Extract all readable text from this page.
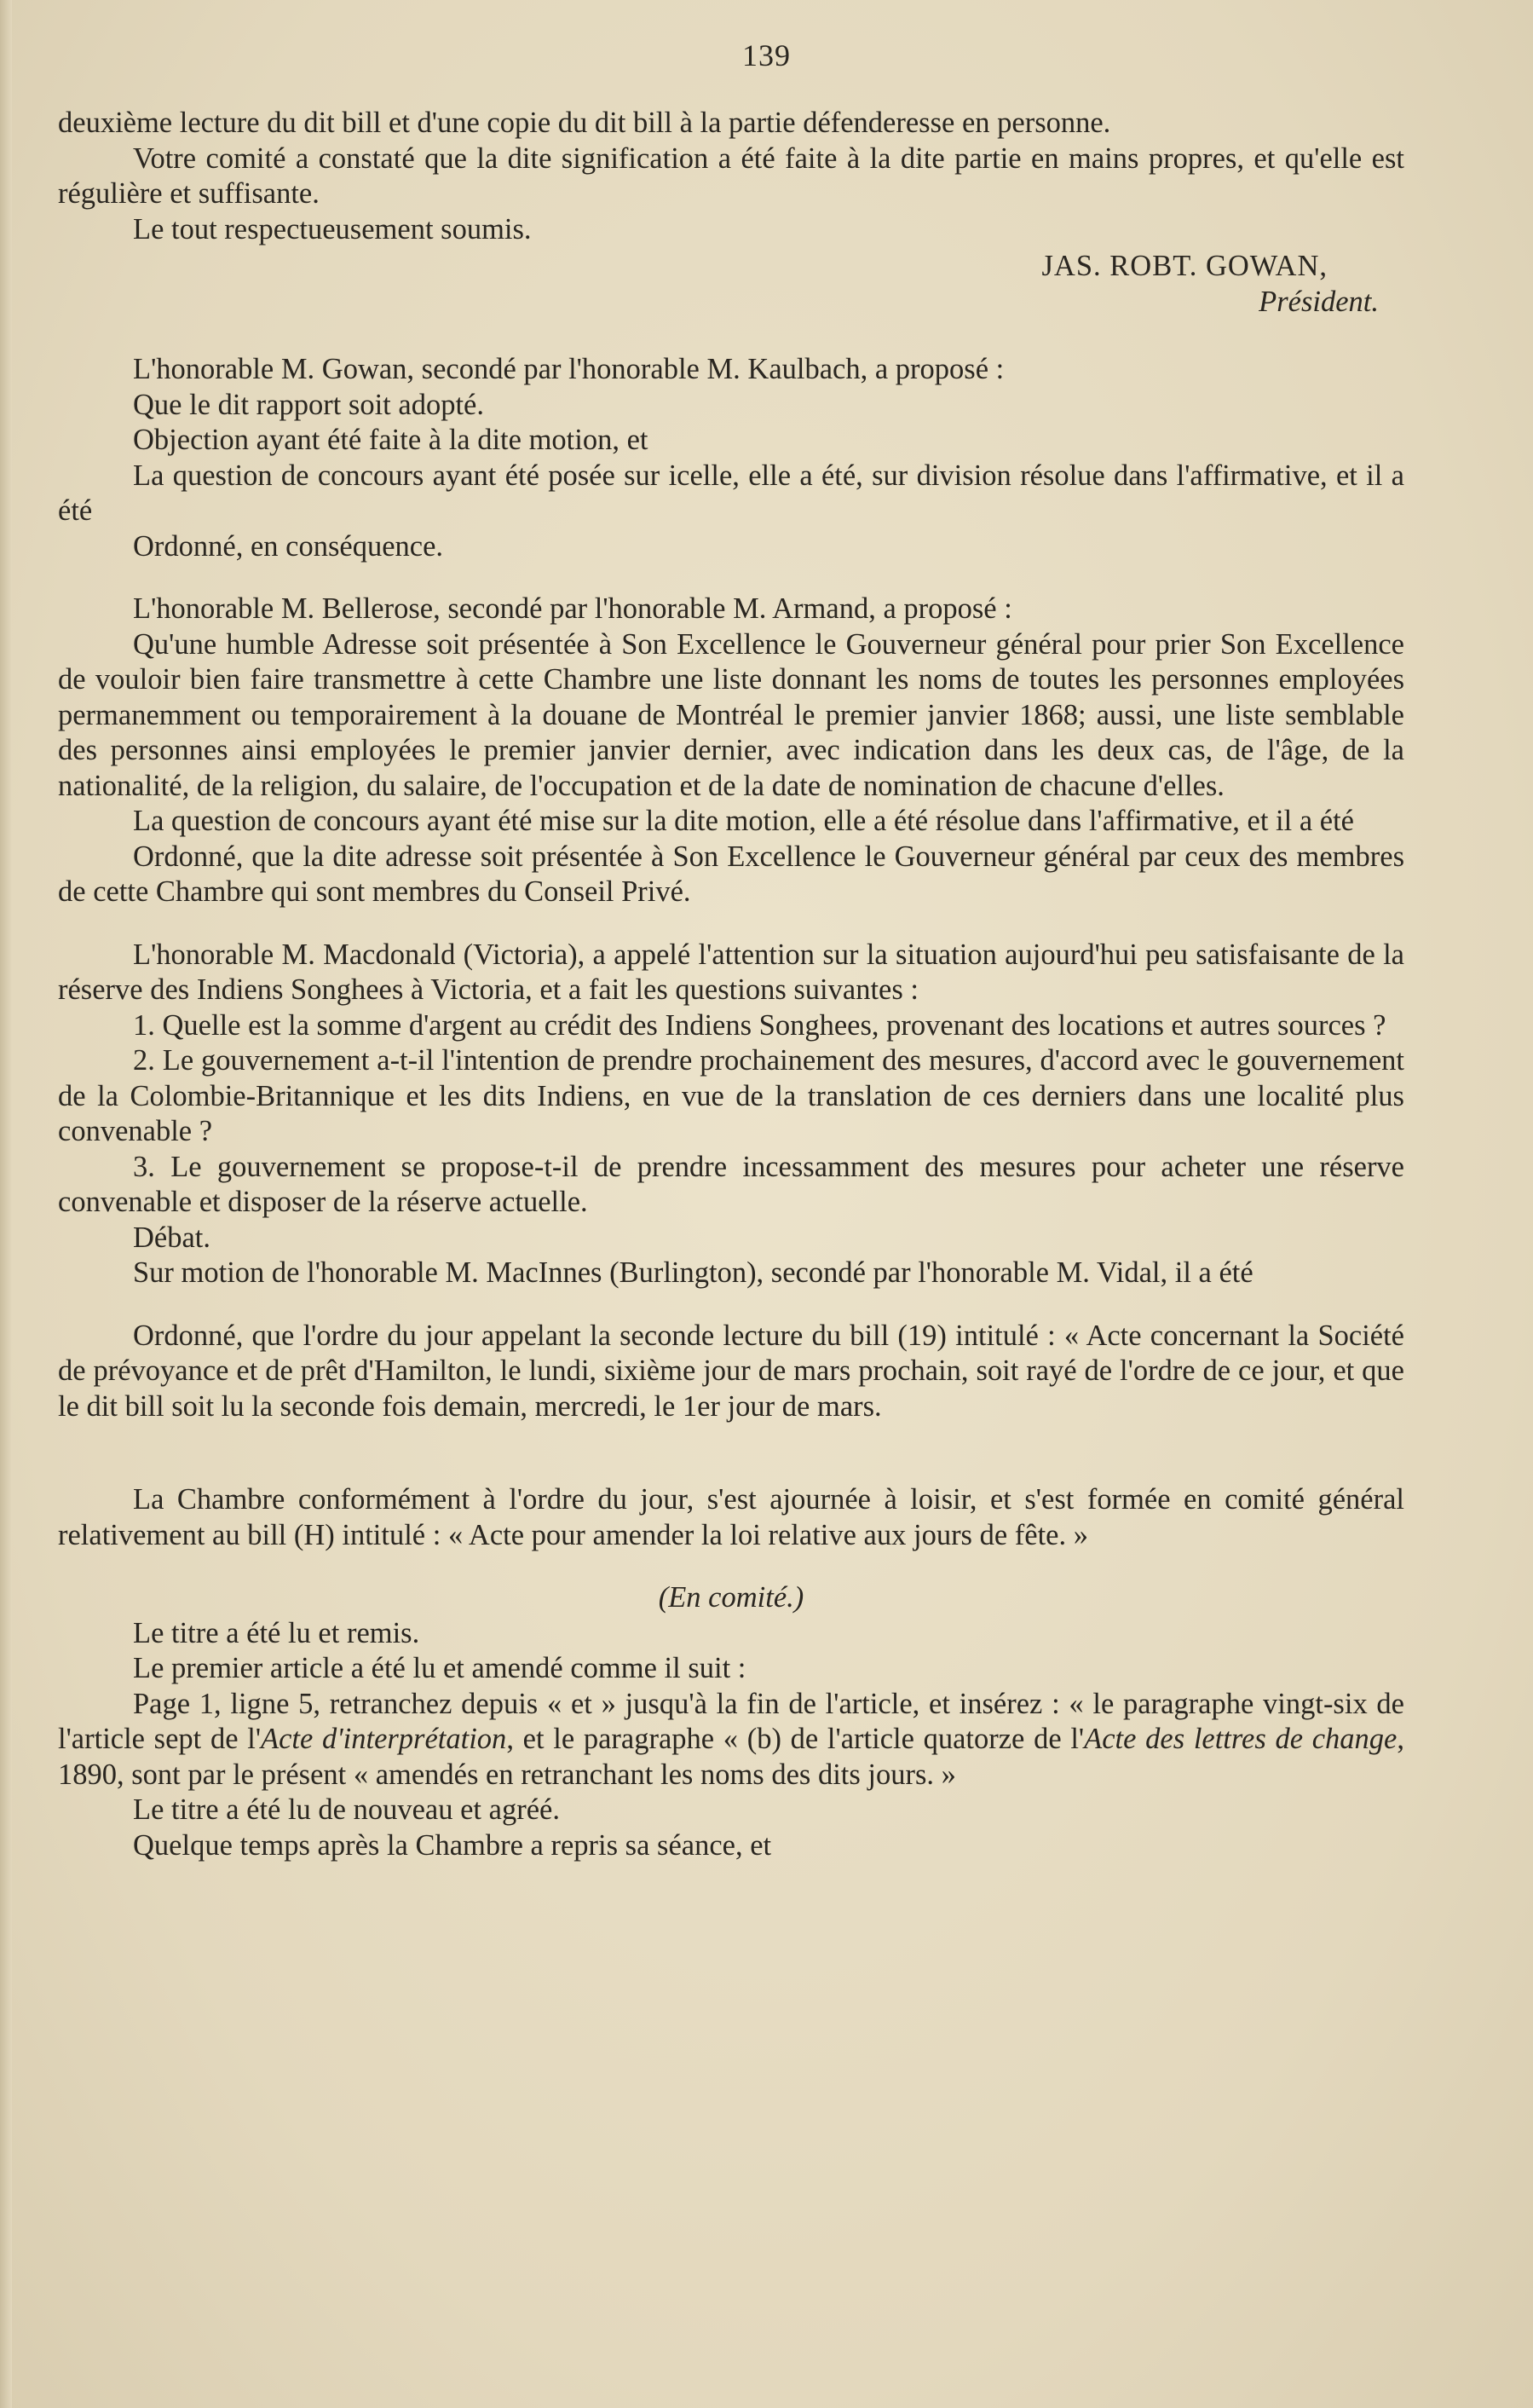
139

deuxième lecture du dit bill et d'une copie du dit bill à la partie défenderesse en personne.

Votre comité a constaté que la dite signification a été faite à la dite partie en mains propres, et qu'elle est régulière et suffisante.

Le tout respectueusement soumis.

JAS. ROBT. GOWAN,

Président.

L'honorable M. Gowan, secondé par l'honorable M. Kaulbach, a proposé :

Que le dit rapport soit adopté.

Objection ayant été faite à la dite motion, et

La question de concours ayant été posée sur icelle, elle a été, sur division résolue dans l'affirmative, et il a été

Ordonné, en conséquence.

L'honorable M. Bellerose, secondé par l'honorable M. Armand, a proposé :

Qu'une humble Adresse soit présentée à Son Excellence le Gouverneur général pour prier Son Excellence de vouloir bien faire transmettre à cette Chambre une liste donnant les noms de toutes les personnes employées permanemment ou temporairement à la douane de Montréal le premier janvier 1868; aussi, une liste semblable des personnes ainsi employées le premier janvier dernier, avec indication dans les deux cas, de l'âge, de la nationalité, de la religion, du salaire, de l'occupation et de la date de nomination de chacune d'elles.

La question de concours ayant été mise sur la dite motion, elle a été résolue dans l'affirmative, et il a été

Ordonné, que la dite adresse soit présentée à Son Excellence le Gouverneur général par ceux des membres de cette Chambre qui sont membres du Conseil Privé.

L'honorable M. Macdonald (Victoria), a appelé l'attention sur la situation aujourd'hui peu satisfaisante de la réserve des Indiens Songhees à Victoria, et a fait les questions suivantes :

1. Quelle est la somme d'argent au crédit des Indiens Songhees, provenant des locations et autres sources ?

2. Le gouvernement a-t-il l'intention de prendre prochainement des mesures, d'accord avec le gouvernement de la Colombie-Britannique et les dits Indiens, en vue de la translation de ces derniers dans une localité plus convenable ?

3. Le gouvernement se propose-t-il de prendre incessamment des mesures pour acheter une réserve convenable et disposer de la réserve actuelle.

Débat.

Sur motion de l'honorable M. MacInnes (Burlington), secondé par l'honorable M. Vidal, il a été

Ordonné, que l'ordre du jour appelant la seconde lecture du bill (19) intitulé : « Acte concernant la Société de prévoyance et de prêt d'Hamilton, le lundi, sixième jour de mars prochain, soit rayé de l'ordre de ce jour, et que le dit bill soit lu la seconde fois demain, mercredi, le 1er jour de mars.

La Chambre conformément à l'ordre du jour, s'est ajournée à loisir, et s'est formée en comité général relativement au bill (H) intitulé : « Acte pour amender la loi relative aux jours de fête. »

(En comité.)

Le titre a été lu et remis.

Le premier article a été lu et amendé comme il suit :

Page 1, ligne 5, retranchez depuis « et » jusqu'à la fin de l'article, et insérez : « le paragraphe vingt-six de l'article sept de l'Acte d'interprétation, et le paragraphe « (b) de l'article quatorze de l'Acte des lettres de change, 1890, sont par le présent « amendés en retranchant les noms des dits jours. »

Le titre a été lu de nouveau et agréé.

Quelque temps après la Chambre a repris sa séance, et
